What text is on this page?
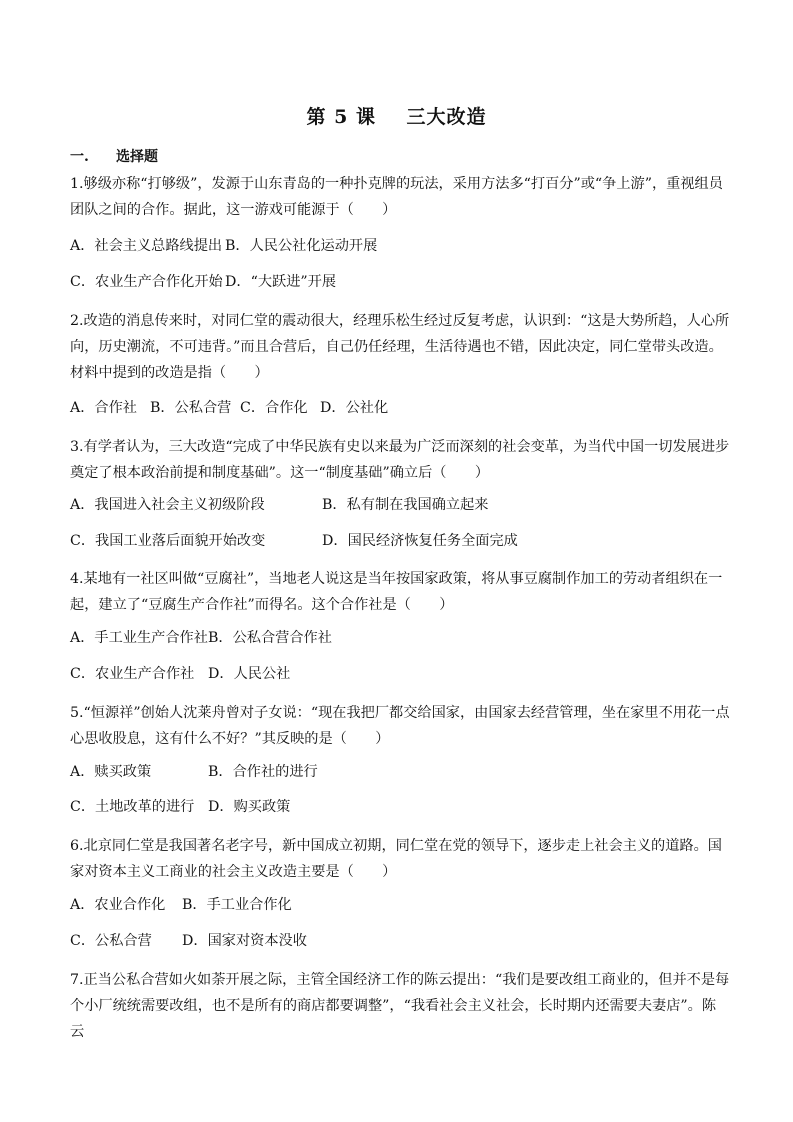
第 5 课    三大改造
一. 选择题
1.够级亦称“打够级”，发源于山东青岛的一种扑克牌的玩法，采用方法多“打百分”或“争上游”，重视组员团队之间的合作。据此，这一游戏可能源于（　　）
A．社会主义总路线提出 B．人民公社化运动开展
C．农业生产合作化开始 D．“大跃进”开展
2.改造的消息传来时，对同仁堂的震动很大，经理乐松生经过反复考虑，认识到：“这是大势所趋，人心所向，历史潮流，不可违背。”而且合营后，自己仍任经理，生活待遇也不错，因此决定，同仁堂带头改造。材料中提到的改造是指（　　）
A．合作社 B．公私合营 C．合作化 D．公社化
3.有学者认为，三大改造“完成了中华民族有史以来最为广泛而深刻的社会变革，为当代中国一切发展进步奠定了根本政治前提和制度基础”。这一“制度基础”确立后（　　）
A．我国进入社会主义初级阶段	B．私有制在我国确立起来
C．我国工业落后面貌开始改变	D．国民经济恢复任务全面完成
4.某地有一社区叫做“豆腐社”，当地老人说这是当年按国家政策，将从事豆腐制作加工的劳动者组织在一起，建立了“豆腐生产合作社”而得名。这个合作社是（　　）
A．手工业生产合作社B．公私合营合作社
C．农业生产合作社 D．人民公社
5.“恒源祥”创始人沈莱舟曾对子女说：“现在我把厂都交给国家，由国家去经营管理，坐在家里不用花一点心思收股息，这有什么不好？”其反映的是（　　）
A．赎买政策	B．合作社的进行
C．土地改革的进行 D．购买政策
6.北京同仁堂是我国著名老字号，新中国成立初期，同仁堂在党的领导下，逐步走上社会主义的道路。国家对资本主义工商业的社会主义改造主要是（　　）
A．农业合作化 B．手工业合作化
C．公私合营 D．国家对资本没收
7.正当公私合营如火如荼开展之际，主管全国经济工作的陈云提出：“我们是要改组工商业的，但并不是每个小厂统统需要改组，也不是所有的商店都要调整”，“我看社会主义社会，长时期内还需要夫妻店”。陈云
